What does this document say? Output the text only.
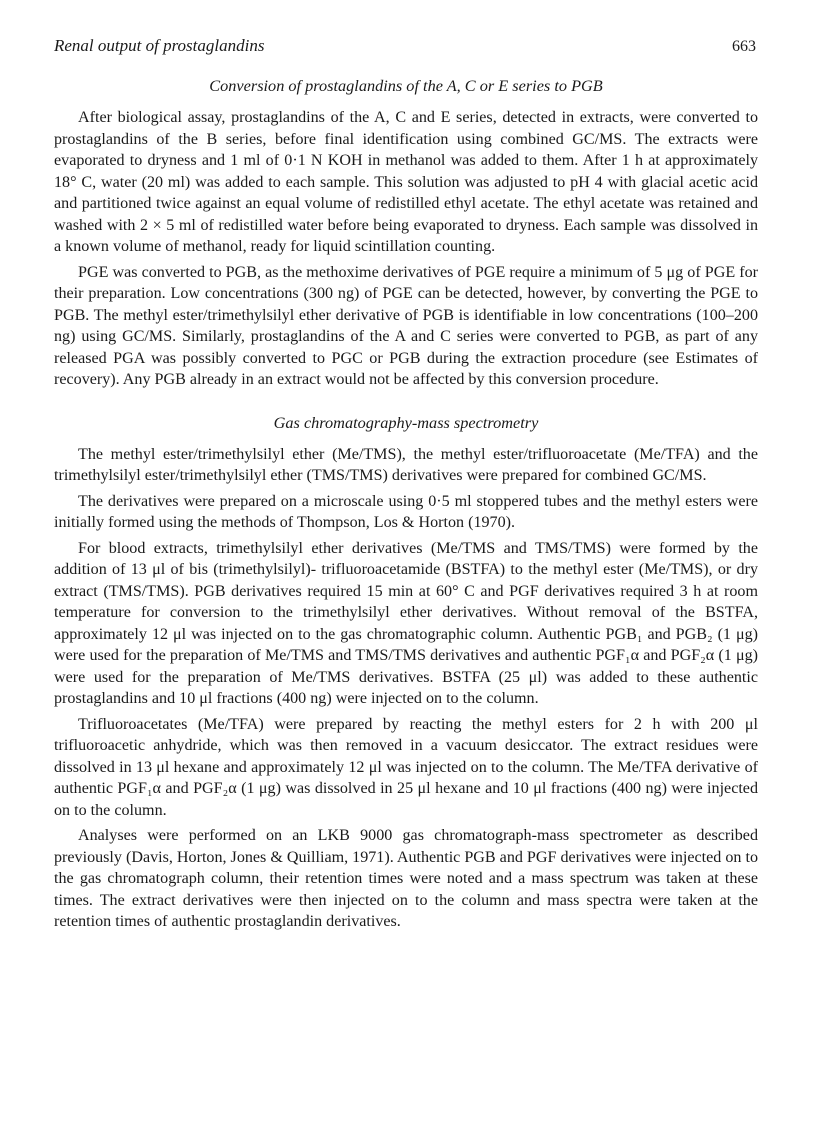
Renal output of prostaglandins	663
Conversion of prostaglandins of the A, C or E series to PGB

After biological assay, prostaglandins of the A, C and E series, detected in extracts, were converted to prostaglandins of the B series, before final identification using combined GC/MS. The extracts were evaporated to dryness and 1 ml of 0·1 N KOH in methanol was added to them. After 1 h at approximately 18° C, water (20 ml) was added to each sample. This solution was adjusted to pH 4 with glacial acetic acid and partitioned twice against an equal volume of redistilled ethyl acetate. The ethyl acetate was retained and washed with 2 × 5 ml of redistilled water before being evaporated to dryness. Each sample was dissolved in a known volume of methanol, ready for liquid scintillation counting.

PGE was converted to PGB, as the methoxime derivatives of PGE require a minimum of 5 μg of PGE for their preparation. Low concentrations (300 ng) of PGE can be detected, however, by converting the PGE to PGB. The methyl ester/trimethylsilyl ether derivative of PGB is identifiable in low concentrations (100–200 ng) using GC/MS. Similarly, prostaglandins of the A and C series were converted to PGB, as part of any released PGA was possibly converted to PGC or PGB during the extraction procedure (see Estimates of recovery). Any PGB already in an extract would not be affected by this conversion procedure.

Gas chromatography-mass spectrometry

The methyl ester/trimethylsilyl ether (Me/TMS), the methyl ester/trifluoroacetate (Me/TFA) and the trimethylsilyl ester/trimethylsilyl ether (TMS/TMS) derivatives were prepared for combined GC/MS.

The derivatives were prepared on a microscale using 0·5 ml stoppered tubes and the methyl esters were initially formed using the methods of Thompson, Los & Horton (1970).

For blood extracts, trimethylsilyl ether derivatives (Me/TMS and TMS/TMS) were formed by the addition of 13 μl of bis (trimethylsilyl)- trifluoroacetamide (BSTFA) to the methyl ester (Me/TMS), or dry extract (TMS/TMS). PGB derivatives required 15 min at 60° C and PGF derivatives required 3 h at room temperature for conversion to the trimethylsilyl ether derivatives. Without removal of the BSTFA, approximately 12 μl was injected on to the gas chromatographic column. Authentic PGB₁ and PGB₂ (1 μg) were used for the preparation of Me/TMS and TMS/TMS derivatives and authentic PGF₁α and PGF₂α (1 μg) were used for the preparation of Me/TMS derivatives. BSTFA (25 μl) was added to these authentic prostaglandins and 10 μl fractions (400 ng) were injected on to the column.

Trifluoroacetates (Me/TFA) were prepared by reacting the methyl esters for 2 h with 200 μl trifluoroacetic anhydride, which was then removed in a vacuum desiccator. The extract residues were dissolved in 13 μl hexane and approximately 12 μl was injected on to the column. The Me/TFA derivative of authentic PGF₁α and PGF₂α (1 μg) was dissolved in 25 μl hexane and 10 μl fractions (400 ng) were injected on to the column.

Analyses were performed on an LKB 9000 gas chromatograph-mass spectrometer as described previously (Davis, Horton, Jones & Quilliam, 1971). Authentic PGB and PGF derivatives were injected on to the gas chromatograph column, their retention times were noted and a mass spectrum was taken at these times. The extract derivatives were then injected on to the column and mass spectra were taken at the retention times of authentic prostaglandin derivatives.
